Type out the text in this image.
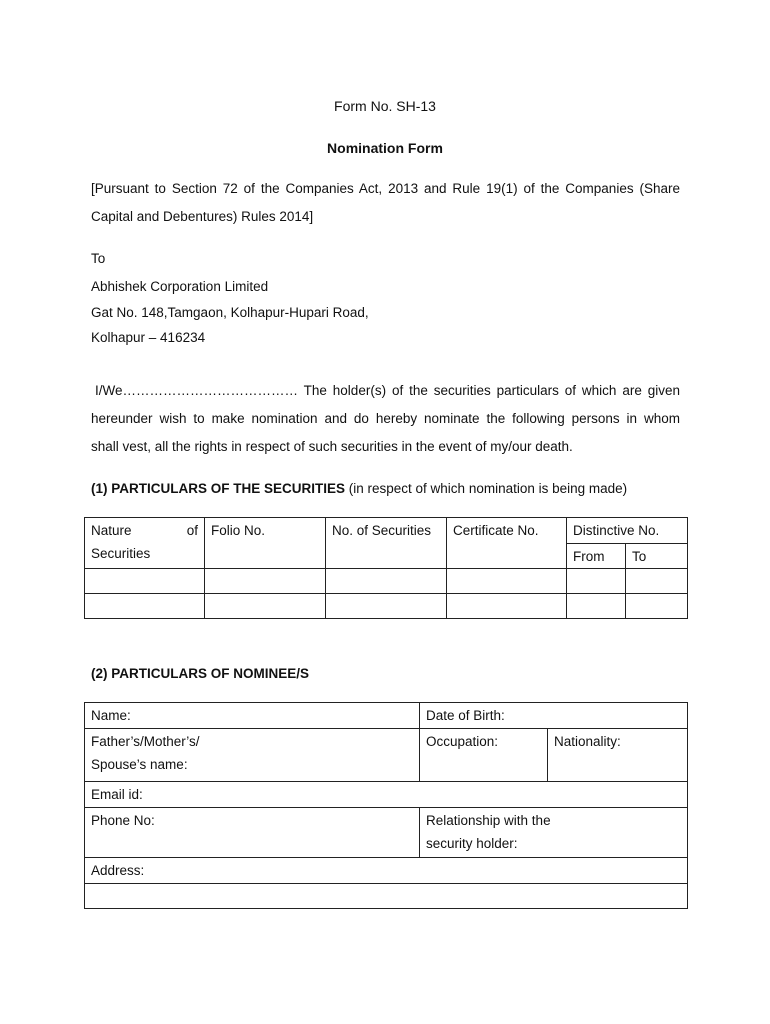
Form No. SH-13
Nomination Form
[Pursuant to Section 72 of the Companies Act, 2013 and Rule 19(1) of the Companies (Share
Capital and Debentures) Rules 2014]
To
Abhishek Corporation Limited
Gat No. 148,Tamgaon, Kolhapur-Hupari Road,
Kolhapur – 416234
I/We………………………………… The holder(s) of the securities particulars of which are given
hereunder wish to make nomination and do hereby nominate the following persons in whom
shall vest, all the rights in respect of such securities in the event of my/our death.
(1) PARTICULARS OF THE SECURITIES (in respect of which nomination is being made)
Nature of
Securities	Folio No.	No. of Securities	Certificate No.	Distinctive No.	
				From	To

(2) PARTICULARS OF NOMINEE/S
Name:	Date of Birth:	

Father’s/Mother’s/
Spouse’s name:	Occupation:	Nationality:
Email id:		
Phone No:	Relationship with the
security holder:	

Address:		
